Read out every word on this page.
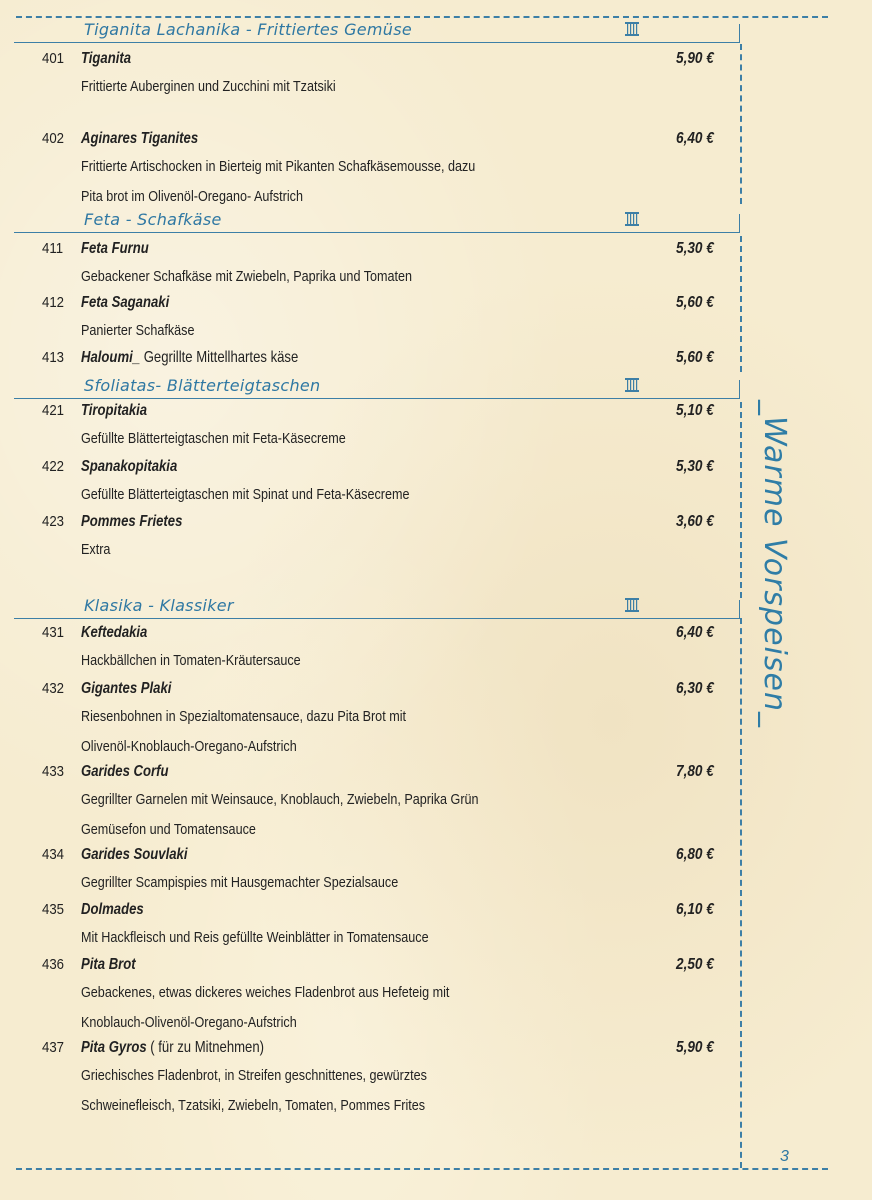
_Warme Vorspeisen_
3
Tiganita Lachanika - Frittiertes Gemüse
401 Tiganita	5,90 €
Frittierte Auberginen und Zucchini mit Tzatsiki
402 Aginares Tiganites	6,40 €
Frittierte Artischocken in Bierteig mit Pikanten Schafkäsemousse, dazu
Pita brot im Olivenöl-Oregano- Aufstrich
Feta - Schafkäse
411 Feta Furnu	5,30 €
Gebackener Schafkäse mit Zwiebeln, Paprika und Tomaten
412 Feta Saganaki	5,60 €
Panierter Schafkäse
413 Haloumi_ Gegrillte Mittellhartes käse	5,60 €
Sfoliatas- Blätterteigtaschen
421 Tiropitakia	5,10 €
Gefüllte Blätterteigtaschen mit Feta-Käsecreme
422 Spanakopitakia	5,30 €
Gefüllte Blätterteigtaschen mit Spinat und Feta-Käsecreme
423 Pommes Frietes	3,60 €
Extra
Klasika - Klassiker
431 Keftedakia	6,40 €
Hackbällchen in Tomaten-Kräutersauce
432 Gigantes Plaki	6,30 €
Riesenbohnen in Spezialtomatensauce, dazu Pita Brot mit
Olivenöl-Knoblauch-Oregano-Aufstrich
433 Garides Corfu	7,80 €
Gegrillter Garnelen mit Weinsauce, Knoblauch, Zwiebeln, Paprika Grün
Gemüsefon und Tomatensauce
434 Garides Souvlaki	6,80 €
Gegrillter Scampispies mit Hausgemachter Spezialsauce
435 Dolmades	6,10 €
Mit Hackfleisch und Reis gefüllte Weinblätter in Tomatensauce
436 Pita Brot	2,50 €
Gebackenes, etwas dickeres weiches Fladenbrot aus Hefeteig mit
Knoblauch-Olivenöl-Oregano-Aufstrich
437 Pita Gyros ( für zu Mitnehmen)	5,90 €
Griechisches Fladenbrot, in Streifen geschnittenes, gewürztes
Schweinefleisch, Tzatsiki, Zwiebeln, Tomaten, Pommes Frites
